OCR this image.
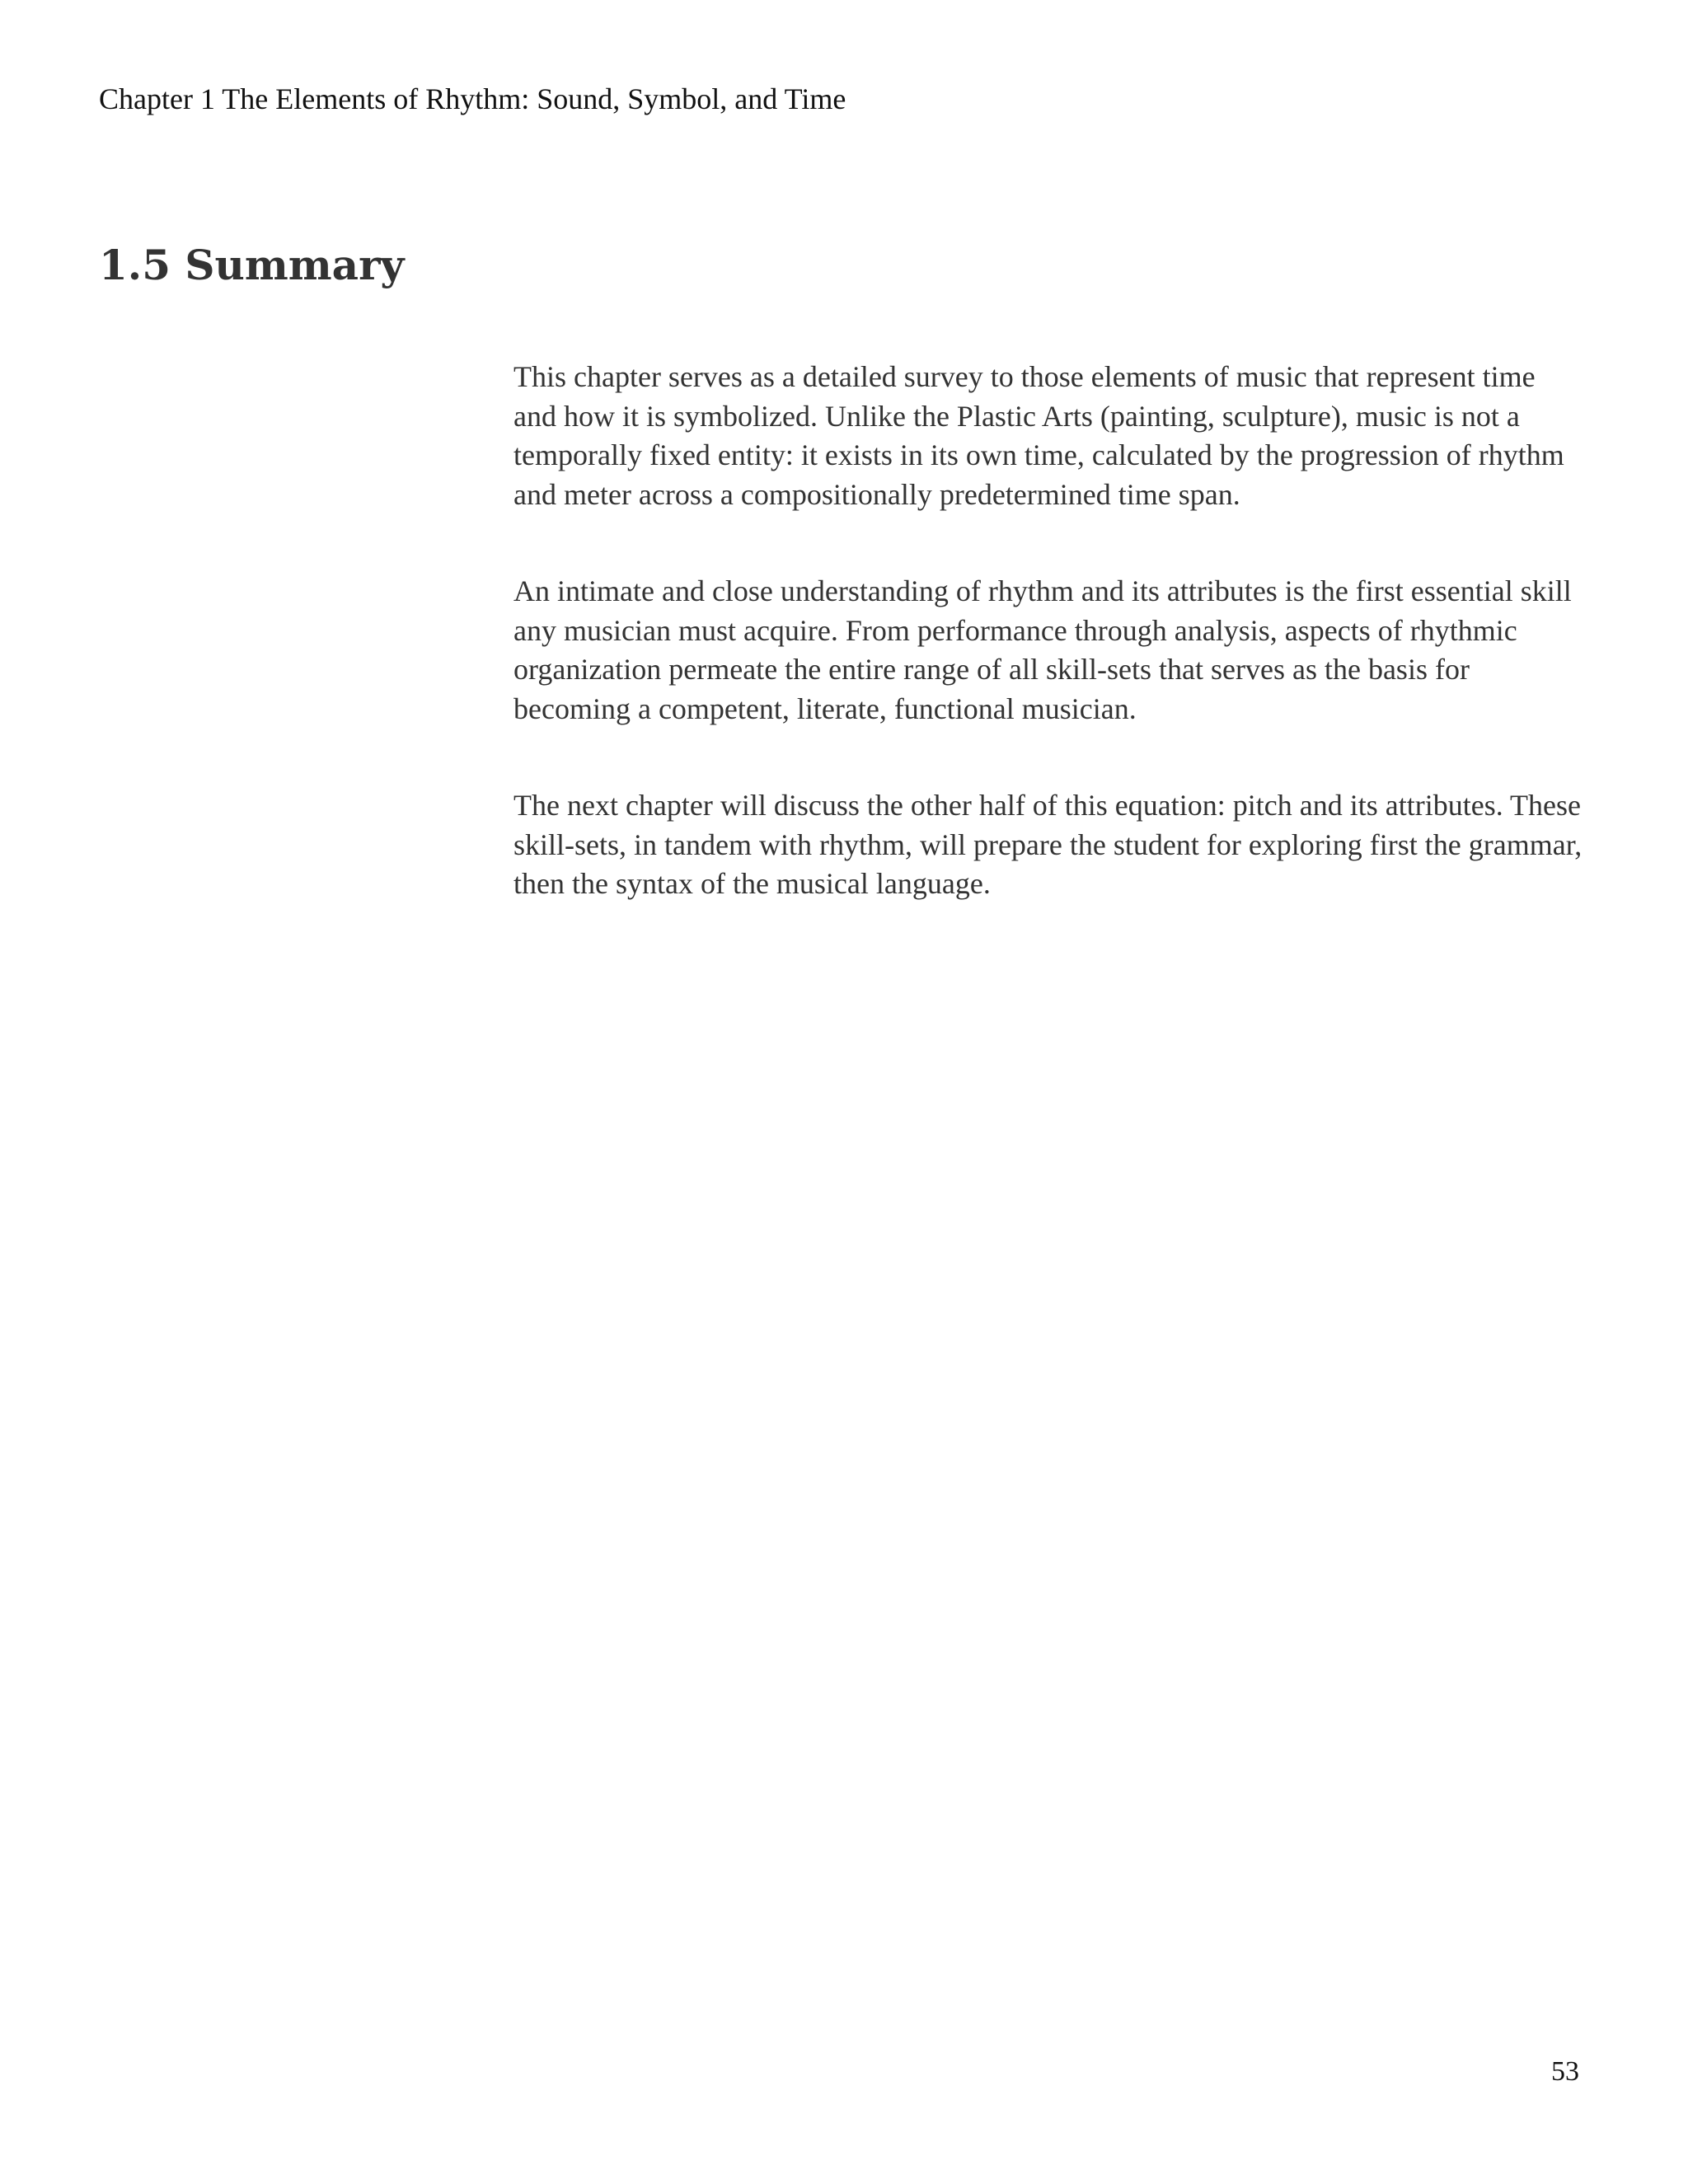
Chapter 1 The Elements of Rhythm: Sound, Symbol, and Time
1.5 Summary

This chapter serves as a detailed survey to those elements of music that represent time and how it is symbolized. Unlike the Plastic Arts (painting, sculpture), music is not a temporally fixed entity: it exists in its own time, calculated by the progression of rhythm and meter across a compositionally predetermined time span.

An intimate and close understanding of rhythm and its attributes is the first essential skill any musician must acquire. From performance through analysis, aspects of rhythmic organization permeate the entire range of all skill-sets that serves as the basis for becoming a competent, literate, functional musician.

The next chapter will discuss the other half of this equation: pitch and its attributes. These skill-sets, in tandem with rhythm, will prepare the student for exploring first the grammar, then the syntax of the musical language.

53
